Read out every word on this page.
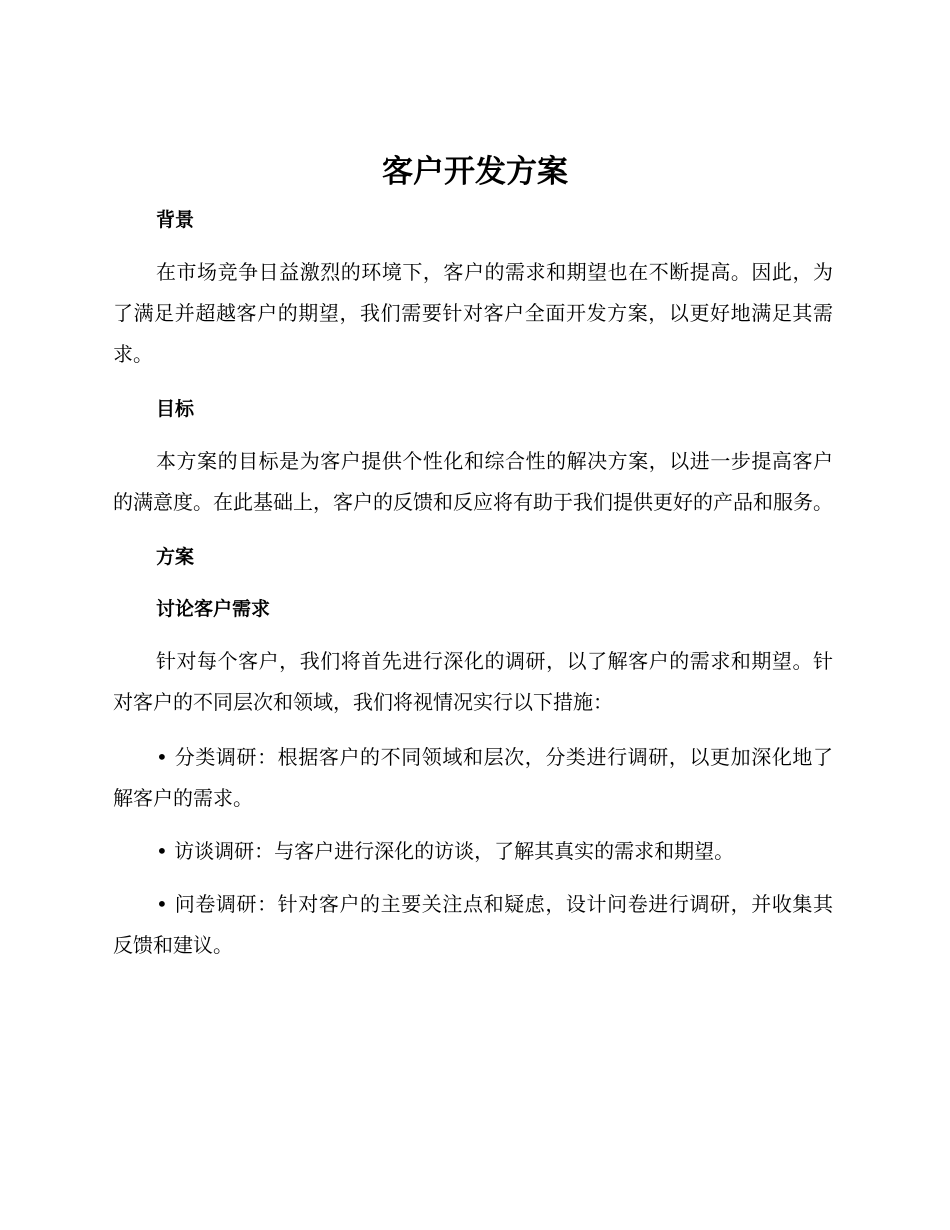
客户开发方案
背景

在市场竞争日益激烈的环境下，客户的需求和期望也在不断提高。因此，为了满足并超越客户的期望，我们需要针对客户全面开发方案，以更好地满足其需求。

目标

本方案的目标是为客户提供个性化和综合性的解决方案，以进一步提高客户的满意度。在此基础上，客户的反馈和反应将有助于我们提供更好的产品和服务。

方案
讨论客户需求

针对每个客户，我们将首先进行深化的调研，以了解客户的需求和期望。针对客户的不同层次和领域，我们将视情况实行以下措施：

• 分类调研：根据客户的不同领域和层次，分类进行调研，以更加深化地了解客户的需求。

• 访谈调研：与客户进行深化的访谈，了解其真实的需求和期望。

• 问卷调研：针对客户的主要关注点和疑虑，设计问卷进行调研，并收集其反馈和建议。
